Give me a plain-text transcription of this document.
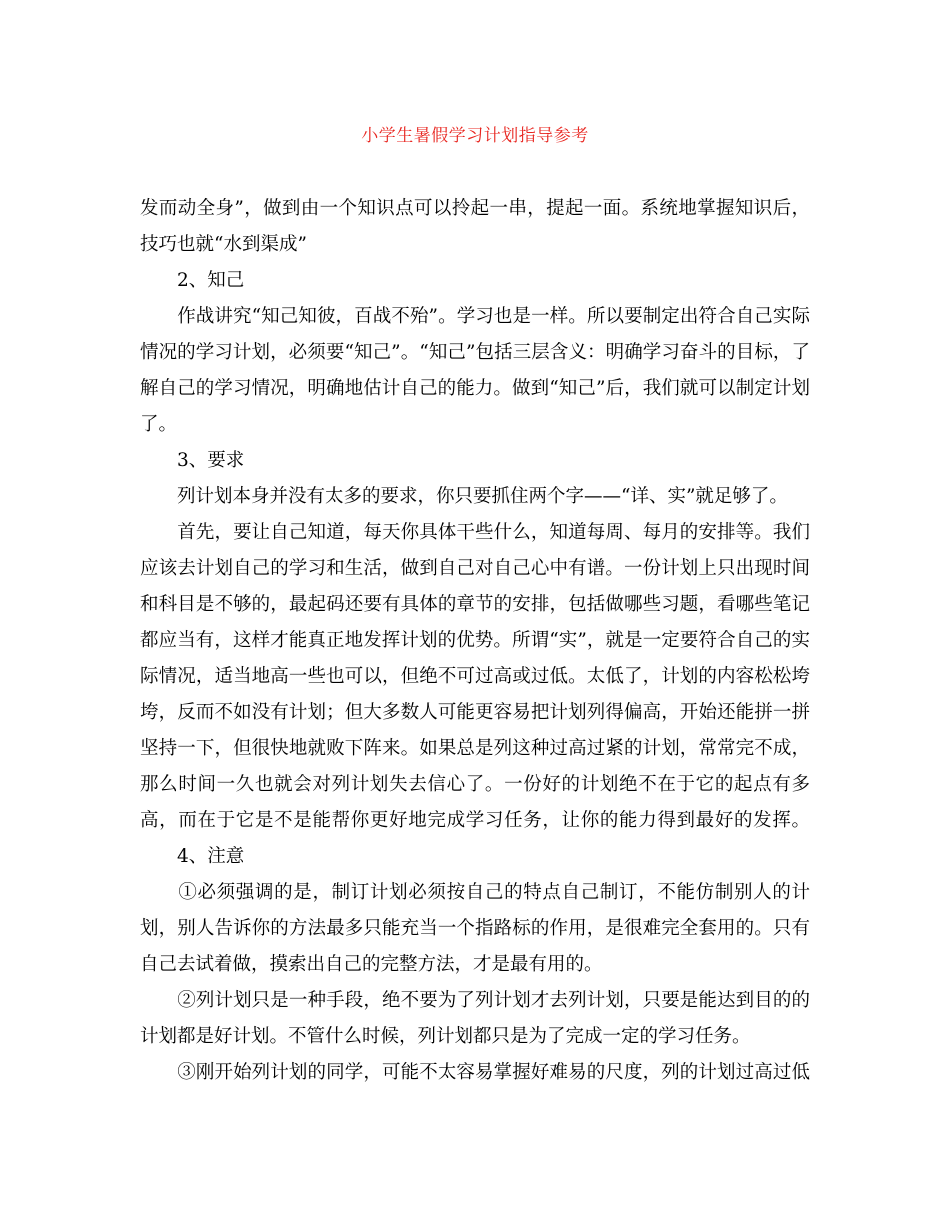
小学生暑假学习计划指导参考
发而动全身”，做到由一个知识点可以拎起一串，提起一面。系统地掌握知识后，
技巧也就“水到渠成”
　　2、知己
　　作战讲究“知己知彼，百战不殆”。学习也是一样。所以要制定出符合自己实际
情况的学习计划，必须要“知己”。“知己”包括三层含义：明确学习奋斗的目标，了
解自己的学习情况，明确地估计自己的能力。做到“知己”后，我们就可以制定计划
了。
　　3、要求
　　列计划本身并没有太多的要求，你只要抓住两个字——“详、实”就足够了。
　　首先，要让自己知道，每天你具体干些什么，知道每周、每月的安排等。我们
应该去计划自己的学习和生活，做到自己对自己心中有谱。一份计划上只出现时间
和科目是不够的，最起码还要有具体的章节的安排，包括做哪些习题，看哪些笔记
都应当有，这样才能真正地发挥计划的优势。所谓“实”，就是一定要符合自己的实
际情况，适当地高一些也可以，但绝不可过高或过低。太低了，计划的内容松松垮
垮，反而不如没有计划；但大多数人可能更容易把计划列得偏高，开始还能拼一拼
坚持一下，但很快地就败下阵来。如果总是列这种过高过紧的计划，常常完不成，
那么时间一久也就会对列计划失去信心了。一份好的计划绝不在于它的起点有多
高，而在于它是不是能帮你更好地完成学习任务，让你的能力得到最好的发挥。
　　4、注意
　　①必须强调的是，制订计划必须按自己的特点自己制订，不能仿制别人的计
划，别人告诉你的方法最多只能充当一个指路标的作用，是很难完全套用的。只有
自己去试着做，摸索出自己的完整方法，才是最有用的。
　　②列计划只是一种手段，绝不要为了列计划才去列计划，只要是能达到目的的
计划都是好计划。不管什么时候，列计划都只是为了完成一定的学习任务。
　　③刚开始列计划的同学，可能不太容易掌握好难易的尺度，列的计划过高过低
